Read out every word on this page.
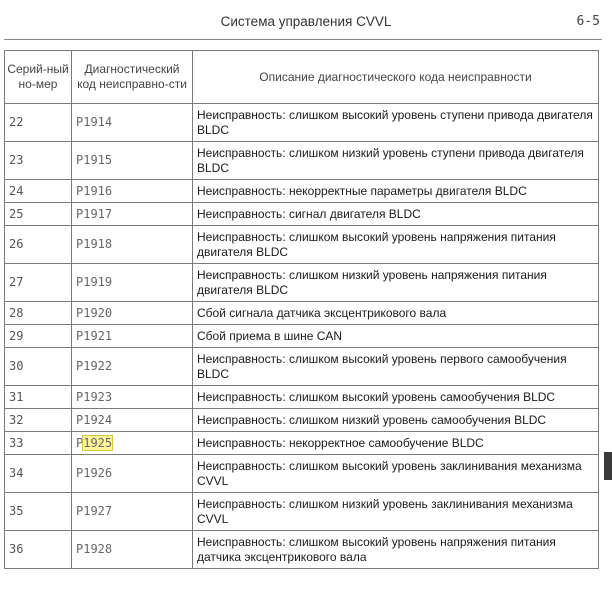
Система управления CVVL	6-5
Серий-ный но-мер	Диагностический код неисправно-сти	Описание диагностического кода неисправности
22	P1914	Неисправность: слишком высокий уровень ступени привода двигателя BLDC
23	P1915	Неисправность: слишком низкий уровень ступени привода двигателя BLDC
24	P1916	Неисправность: некорректные параметры двигателя BLDC
25	P1917	Неисправность: сигнал двигателя BLDC
26	P1918	Неисправность: слишком высокий уровень напряжения питания двигателя BLDC
27	P1919	Неисправность: слишком низкий уровень напряжения питания двигателя BLDC
28	P1920	Сбой сигнала датчика эксцентрикового вала
29	P1921	Сбой приема в шине CAN
30	P1922	Неисправность: слишком высокий уровень первого самообучения BLDC
31	P1923	Неисправность: слишком высокий уровень самообучения BLDC
32	P1924	Неисправность: слишком низкий уровень самообучения BLDC
33	P1925	Неисправность: некорректное самообучение BLDC
34	P1926	Неисправность: слишком высокий уровень заклинивания механизма CVVL
35	P1927	Неисправность: слишком низкий уровень заклинивания механизма CVVL
36	P1928	Неисправность: слишком высокий уровень напряжения питания датчика эксцентрикового вала
